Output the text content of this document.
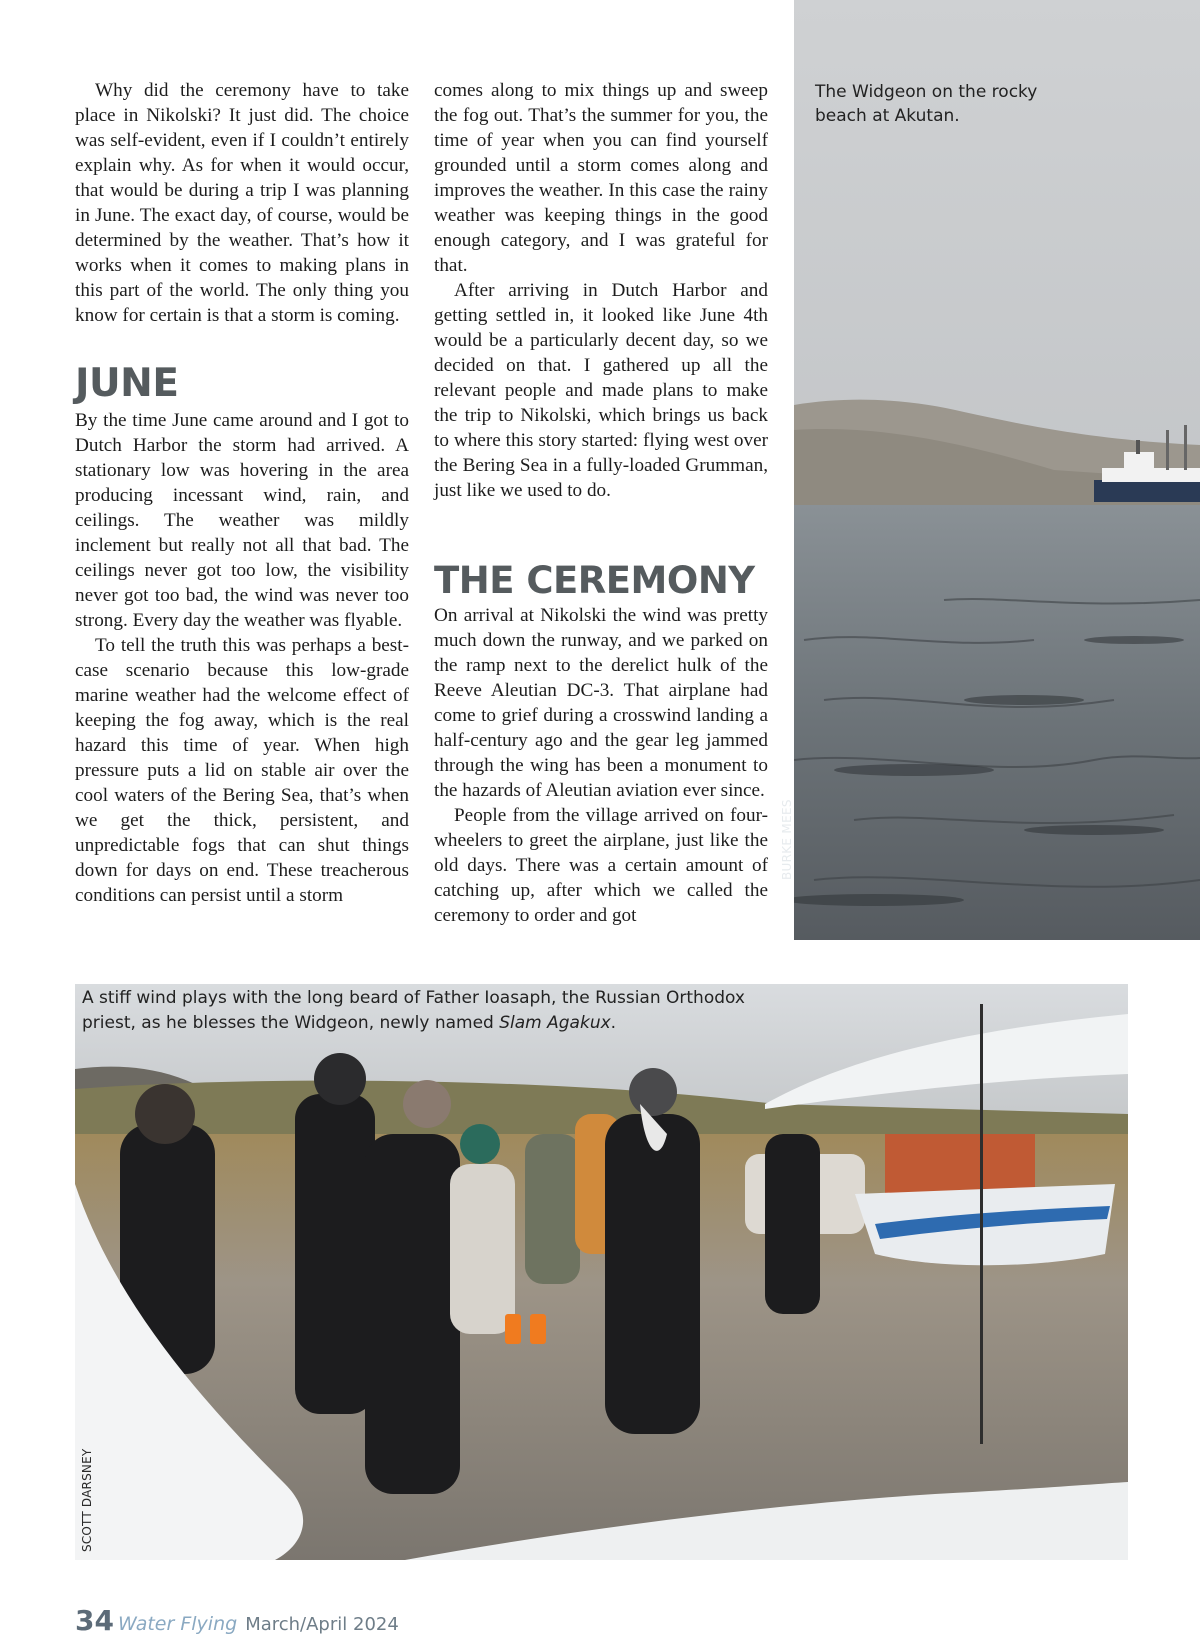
Why did the ceremony have to take place in Nikolski? It just did. The choice was self-evident, even if I couldn’t entirely explain why. As for when it would occur, that would be during a trip I was planning in June. The exact day, of course, would be determined by the weather. That’s how it works when it comes to making plans in this part of the world. The only thing you know for certain is that a storm is coming.

JUNE

By the time June came around and I got to Dutch Harbor the storm had arrived. A stationary low was hovering in the area producing incessant wind, rain, and ceilings. The weather was mildly inclement but really not all that bad. The ceilings never got too low, the visibility never got too bad, the wind was never too strong. Every day the weather was flyable.

To tell the truth this was perhaps a best-case scenario because this low-grade marine weather had the welcome effect of keeping the fog away, which is the real hazard this time of year. When high pressure puts a lid on stable air over the cool waters of the Bering Sea, that’s when we get the thick, persistent, and unpredictable fogs that can shut things down for days on end. These treacherous conditions can persist until a storm

comes along to mix things up and sweep the fog out. That’s the summer for you, the time of year when you can find yourself grounded until a storm comes along and improves the weather. In this case the rainy weather was keeping things in the good enough category, and I was grateful for that.

After arriving in Dutch Harbor and getting settled in, it looked like June 4th would be a particularly decent day, so we decided on that. I gathered up all the relevant people and made plans to make the trip to Nikolski, which brings us back to where this story started: flying west over the Bering Sea in a fully-loaded Grumman, just like we used to do.

THE CEREMONY

On arrival at Nikolski the wind was pretty much down the runway, and we parked on the ramp next to the derelict hulk of the Reeve Aleutian DC-3. That airplane had come to grief during a crosswind landing a half-century ago and the gear leg jammed through the wing has been a monument to the hazards of Aleutian aviation ever since.

People from the village arrived on four-wheelers to greet the airplane, just like the old days. There was a certain amount of catching up, after which we called the ceremony to order and got

The Widgeon on the rocky beach at Akutan.
BURKE MEES
A stiff wind plays with the long beard of Father Ioasaph, the Russian Orthodox priest, as he blesses the Widgeon, newly named Slam Agakux.
SCOTT DARSNEY
34 Water Flying March/April 2024
